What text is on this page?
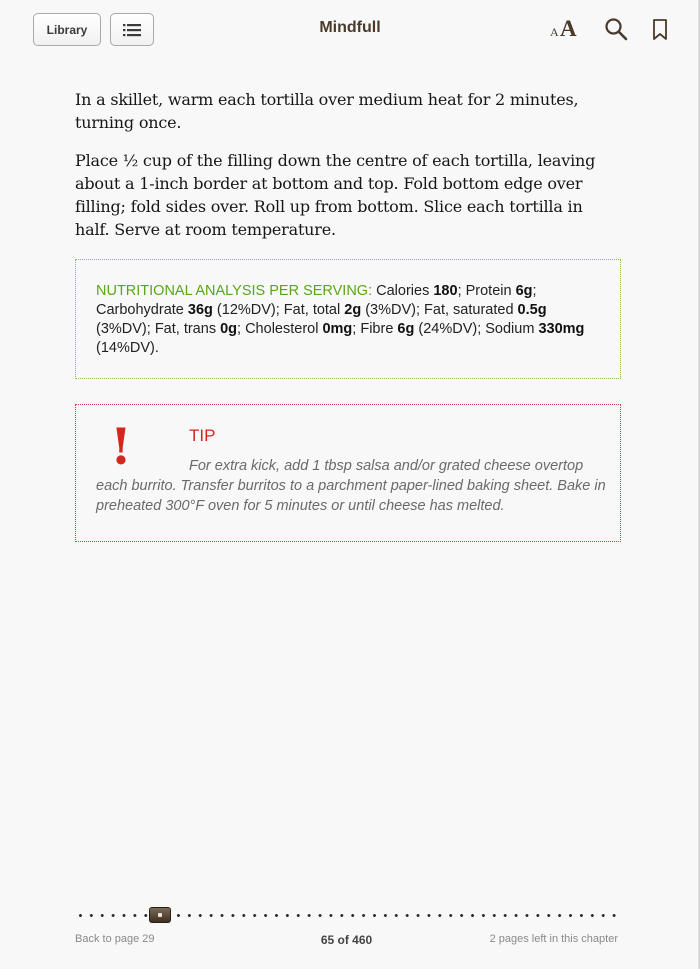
Library	Mindfull	A A

In a skillet, warm each tortilla over medium heat for 2 minutes, turning once.

Place ½ cup of the filling down the centre of each tortilla, leaving about a 1-inch border at bottom and top. Fold bottom edge over filling; fold sides over. Roll up from bottom. Slice each tortilla in half. Serve at room temperature.

NUTRITIONAL ANALYSIS PER SERVING: Calories 180; Protein 6g; Carbohydrate 36g (12%DV); Fat, total 2g (3%DV); Fat, saturated 0.5g (3%DV); Fat, trans 0g; Cholesterol 0mg; Fibre 6g (24%DV); Sodium 330mg (14%DV).
!	TIP
For extra kick, add 1 tbsp salsa and/or grated cheese overtop each burrito. Transfer burritos to a parchment paper-lined baking sheet. Bake in preheated 300°F oven for 5 minutes or until cheese has melted.
Back to page 29	65 of 460	2 pages left in this chapter
